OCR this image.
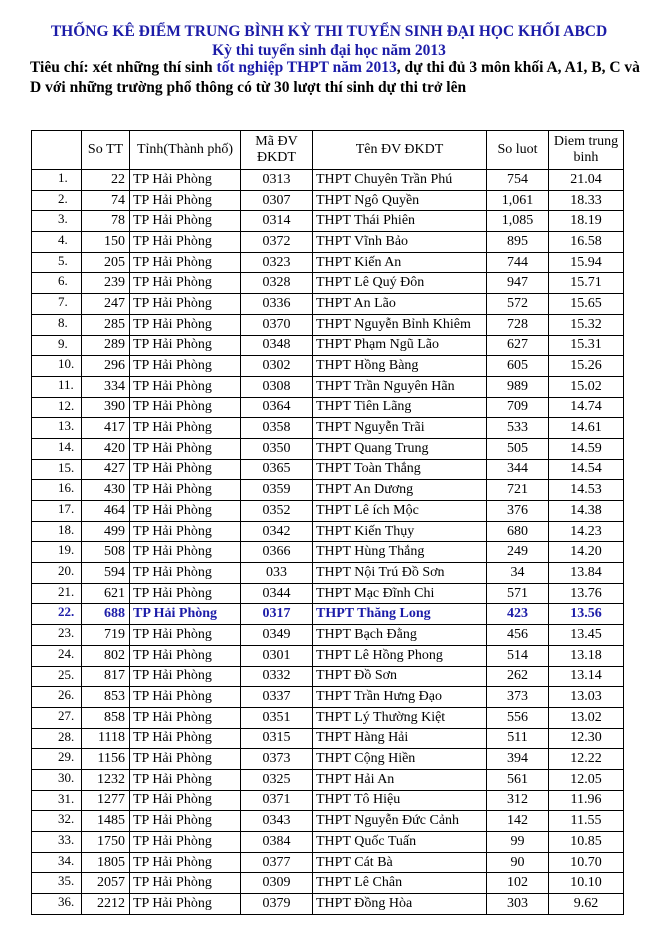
THỐNG KÊ ĐIỂM TRUNG BÌNH KỲ THI TUYỂN SINH ĐẠI HỌC KHỐI ABCD
Kỳ thi tuyển sinh đại học năm 2013
Tiêu chí: xét những thí sinh tốt nghiệp THPT năm 2013, dự thi đủ 3 môn khối A, A1, B, C và D với những trường phổ thông có từ 30 lượt thí sinh dự thi trở lên
	So TT	Tỉnh(Thành phố)	Mã ĐV ĐKDT	Tên ĐV ĐKDT	So luot	Diem trung binh
1.	22	TP Hải Phòng	0313	THPT Chuyên Trần Phú	754	21.04
2.	74	TP Hải Phòng	0307	THPT Ngô Quyền	1,061	18.33
3.	78	TP Hải Phòng	0314	THPT Thái Phiên	1,085	18.19
4.	150	TP Hải Phòng	0372	THPT Vĩnh Bảo	895	16.58
5.	205	TP Hải Phòng	0323	THPT Kiến An	744	15.94
6.	239	TP Hải Phòng	0328	THPT Lê Quý Đôn	947	15.71
7.	247	TP Hải Phòng	0336	THPT An Lão	572	15.65
8.	285	TP Hải Phòng	0370	THPT Nguyễn Bỉnh Khiêm	728	15.32
9.	289	TP Hải Phòng	0348	THPT Phạm Ngũ Lão	627	15.31
10.	296	TP Hải Phòng	0302	THPT Hồng Bàng	605	15.26
11.	334	TP Hải Phòng	0308	THPT Trần Nguyên Hãn	989	15.02
12.	390	TP Hải Phòng	0364	THPT Tiên Lãng	709	14.74
13.	417	TP Hải Phòng	0358	THPT Nguyễn Trãi	533	14.61
14.	420	TP Hải Phòng	0350	THPT Quang Trung	505	14.59
15.	427	TP Hải Phòng	0365	THPT Toàn Thắng	344	14.54
16.	430	TP Hải Phòng	0359	THPT An Dương	721	14.53
17.	464	TP Hải Phòng	0352	THPT Lê ích Mộc	376	14.38
18.	499	TP Hải Phòng	0342	THPT Kiến Thụy	680	14.23
19.	508	TP Hải Phòng	0366	THPT Hùng Thắng	249	14.20
20.	594	TP Hải Phòng	033	THPT Nội Trú Đồ Sơn	34	13.84
21.	621	TP Hải Phòng	0344	THPT Mạc Đĩnh Chi	571	13.76
22.	688	TP Hải Phòng	0317	THPT Thăng Long	423	13.56
23.	719	TP Hải Phòng	0349	THPT Bạch Đằng	456	13.45
24.	802	TP Hải Phòng	0301	THPT Lê Hồng Phong	514	13.18
25.	817	TP Hải Phòng	0332	THPT Đồ Sơn	262	13.14
26.	853	TP Hải Phòng	0337	THPT Trần Hưng Đạo	373	13.03
27.	858	TP Hải Phòng	0351	THPT Lý Thường Kiệt	556	13.02
28.	1118	TP Hải Phòng	0315	THPT Hàng Hải	511	12.30
29.	1156	TP Hải Phòng	0373	THPT Cộng Hiền	394	12.22
30.	1232	TP Hải Phòng	0325	THPT Hải An	561	12.05
31.	1277	TP Hải Phòng	0371	THPT Tô Hiệu	312	11.96
32.	1485	TP Hải Phòng	0343	THPT Nguyễn Đức Cảnh	142	11.55
33.	1750	TP Hải Phòng	0384	THPT Quốc Tuấn	99	10.85
34.	1805	TP Hải Phòng	0377	THPT Cát Bà	90	10.70
35.	2057	TP Hải Phòng	0309	THPT Lê Chân	102	10.10
36.	2212	TP Hải Phòng	0379	THPT Đồng Hòa	303	9.62
